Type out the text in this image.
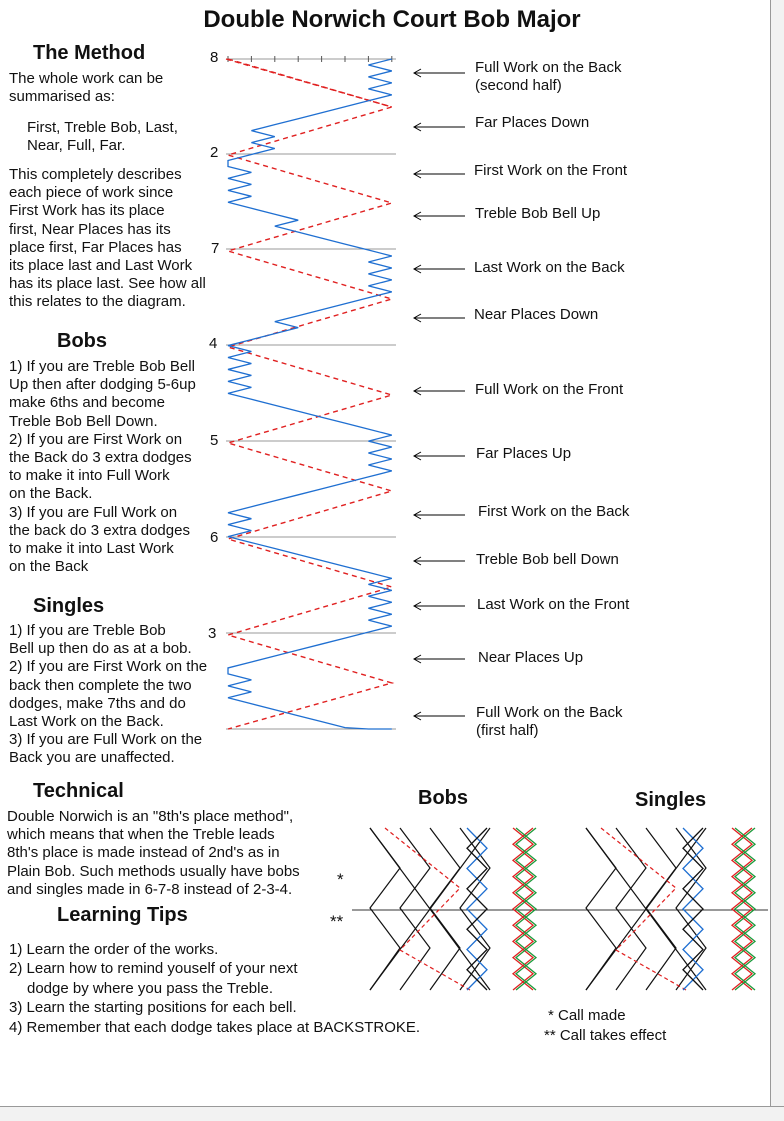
Double Norwich Court Bob Major
The Method
The whole work can be
summarised as:
First, Treble Bob, Last,
Near, Full, Far.
This completely describes
each piece of work since
First Work has its place
first, Near Places has its
place first, Far Places has
its place last and Last Work
has its place last. See how all
this relates to the diagram.
Bobs
1) If you are Treble Bob Bell
Up then after dodging 5-6up
make 6ths and become
Treble Bob Bell Down.
2) If you are First Work on
the Back do 3 extra dodges
to make it into Full Work
on the Back.
3) If you are Full Work on
the back do 3 extra dodges
to make it into Last Work
on the Back
Singles
1) If you are Treble Bob
Bell up then do as at a bob.
2) If you are First Work on the
back then complete the two
dodges, make 7ths and do
Last Work on the Back.
3) If you are Full Work on the
Back you are unaffected.
Technical
Double Norwich is an "8th's place method",
which means that when the Treble leads
8th's place is made instead of 2nd's as in
Plain Bob. Such methods usually have bobs
and singles made in 6-7-8 instead of 2-3-4.
Learning Tips
1) Learn the order of the works.
2) Learn how to remind youself of your next
dodge by where you pass the Treble.
3) Learn the starting positions for each bell.
4) Remember that each dodge takes place at BACKSTROKE.
8
2
7
4
5
6
3
Full Work on the Back
(second half)
Far Places Down
First Work on the Front
Treble Bob Bell Up
Last Work on the Back
Near Places Down
Full Work on the Front
Far Places Up
First Work on the Back
Treble Bob bell Down
Last Work on the Front
Near Places Up
Full Work on the Back
(first half)
Bobs	Singles
*
**
* Call made
** Call takes effect
